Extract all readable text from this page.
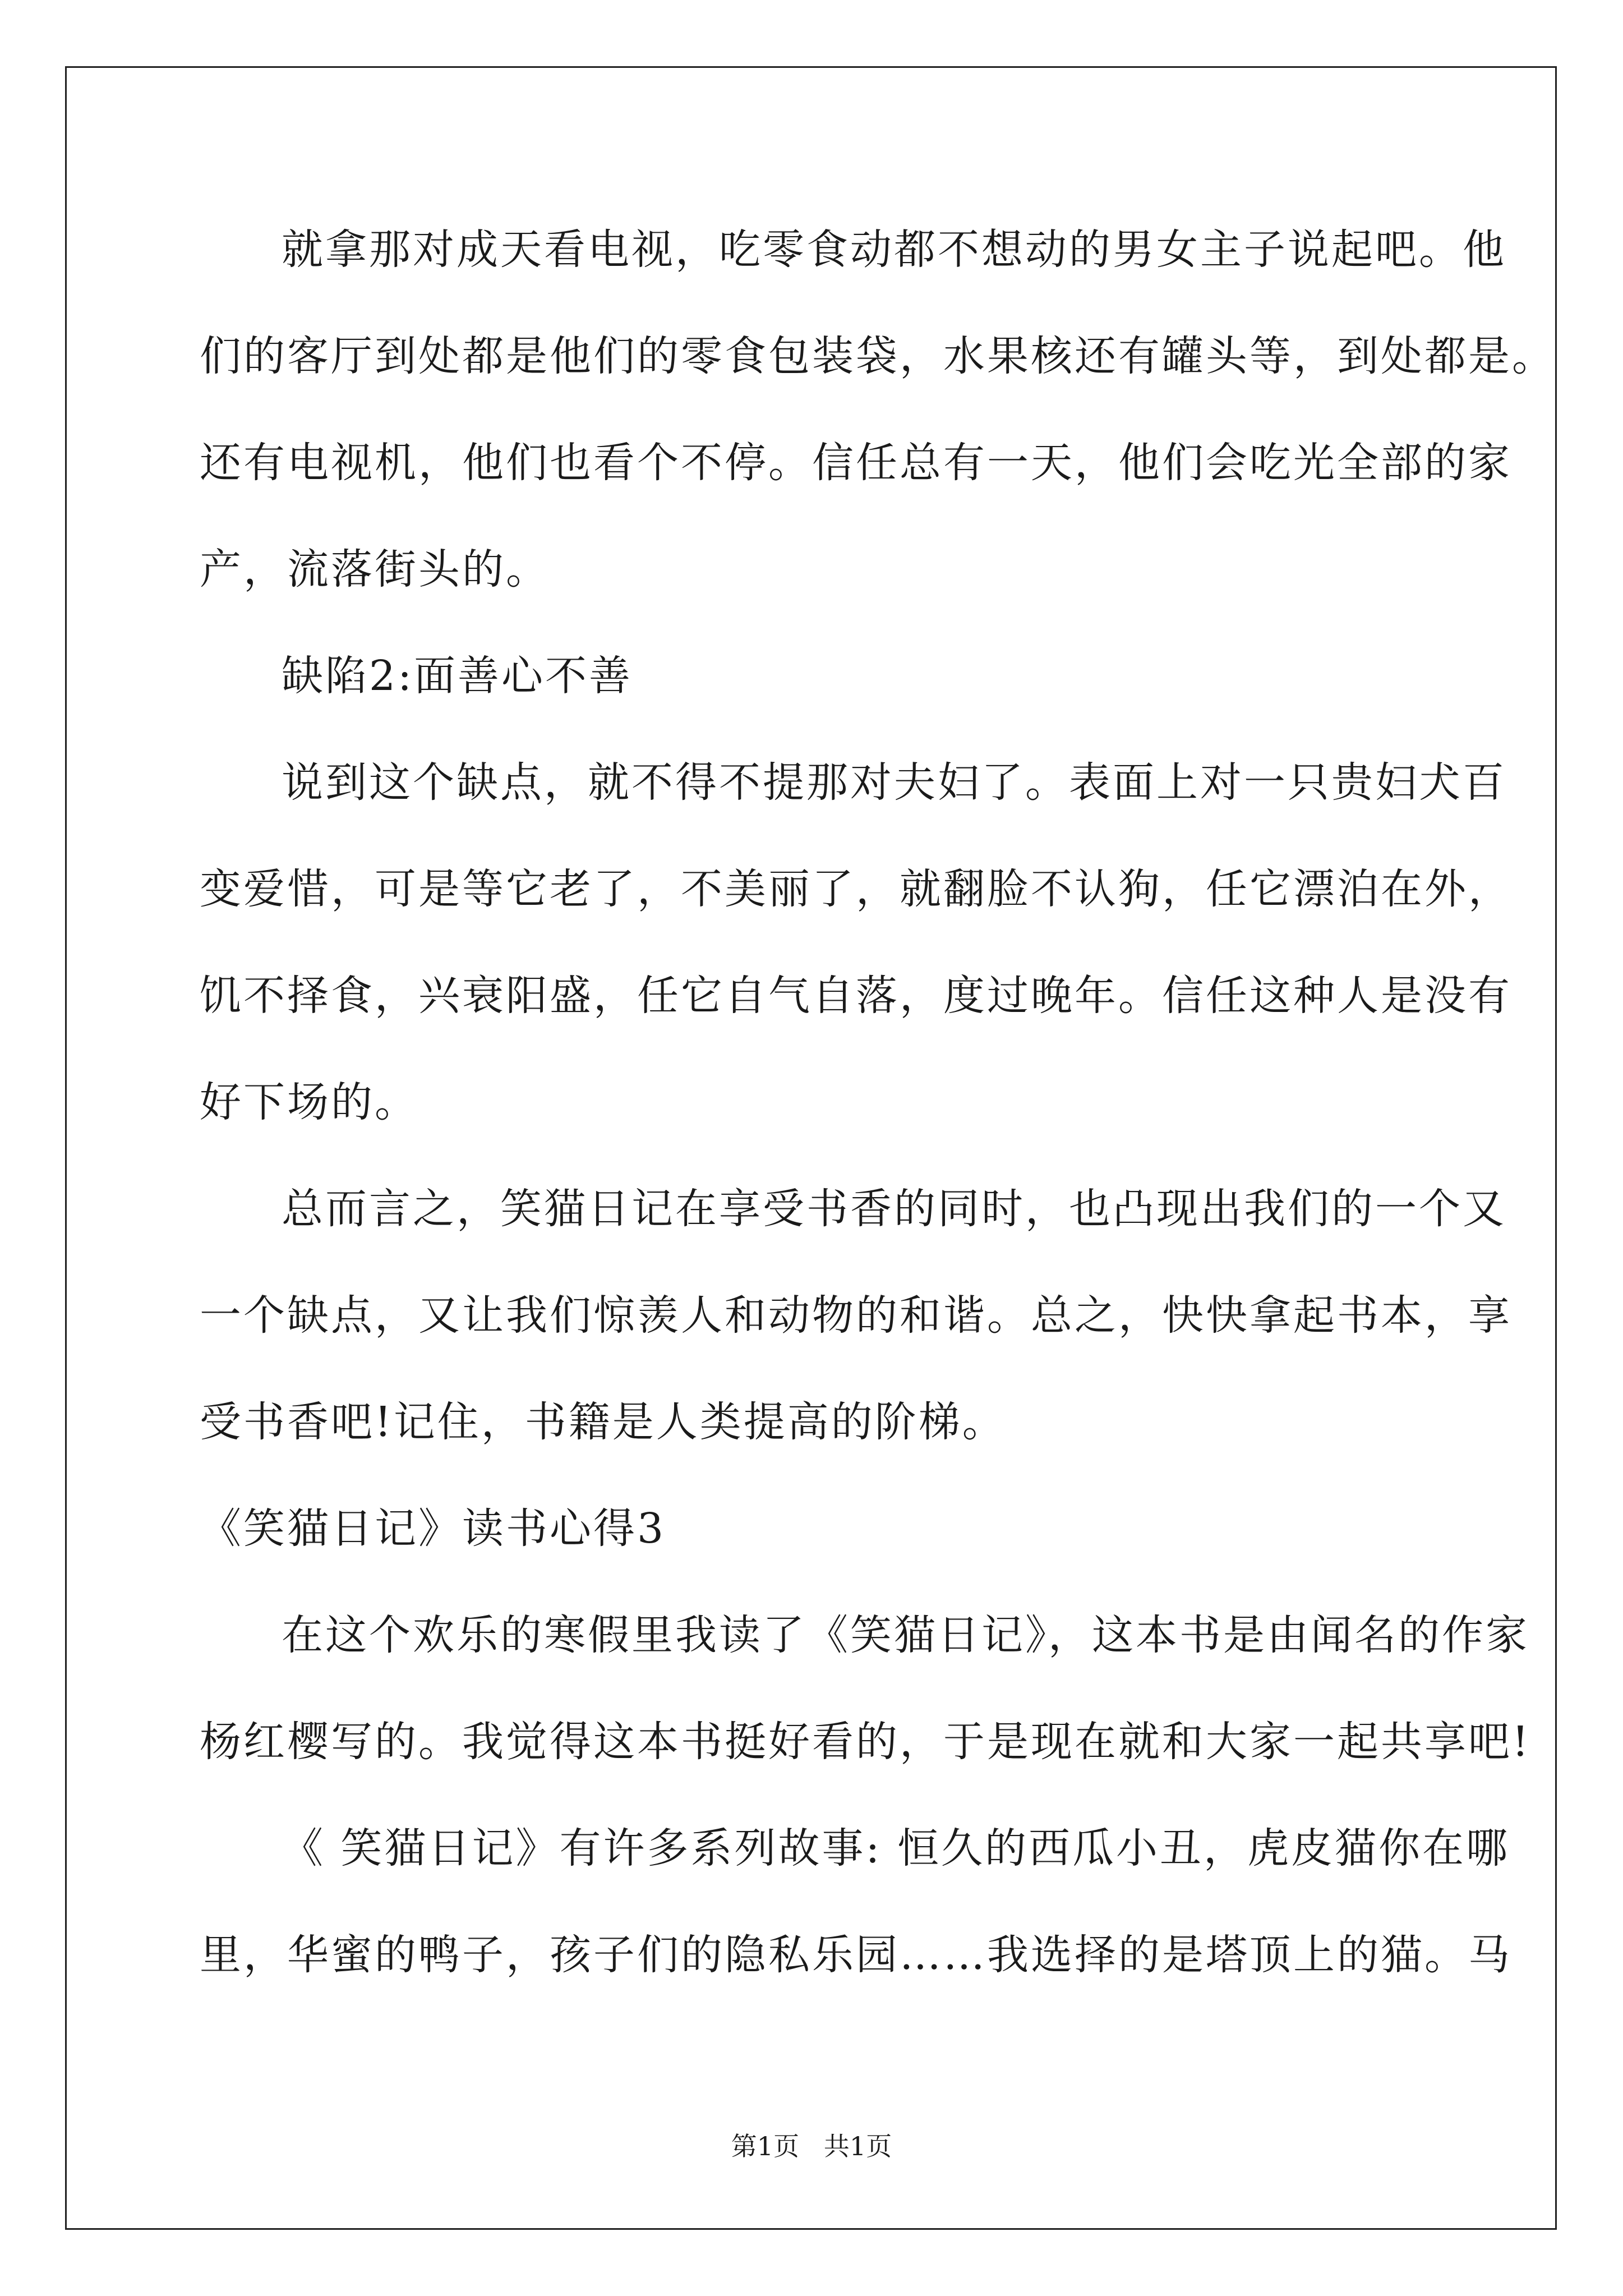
就拿那对成天看电视，吃零食动都不想动的男女主子说起吧。他
们的客厅到处都是他们的零食包装袋，水果核还有罐头等，到处都是。
还有电视机，他们也看个不停。信任总有一天，他们会吃光全部的家
产，流落街头的。
缺陷2:面善心不善
说到这个缺点，就不得不提那对夫妇了。表面上对一只贵妇犬百
变爱惜，可是等它老了，不美丽了，就翻脸不认狗，任它漂泊在外，
饥不择食，兴衰阳盛，任它自气自落，度过晚年。信任这种人是没有
好下场的。
总而言之，笑猫日记在享受书香的同时，也凸现出我们的一个又
一个缺点，又让我们惊羡人和动物的和谐。总之，快快拿起书本，享
受书香吧!记住，书籍是人类提高的阶梯。
《笑猫日记》读书心得3
在这个欢乐的寒假里我读了《笑猫日记》，这本书是由闻名的作家
杨红樱写的。我觉得这本书挺好看的，于是现在就和大家一起共享吧!
《 笑猫日记》有许多系列故事: 恒久的西瓜小丑，虎皮猫你在哪
里，华蜜的鸭子，孩子们的隐私乐园……我选择的是塔顶上的猫。马
第1页   共1页
